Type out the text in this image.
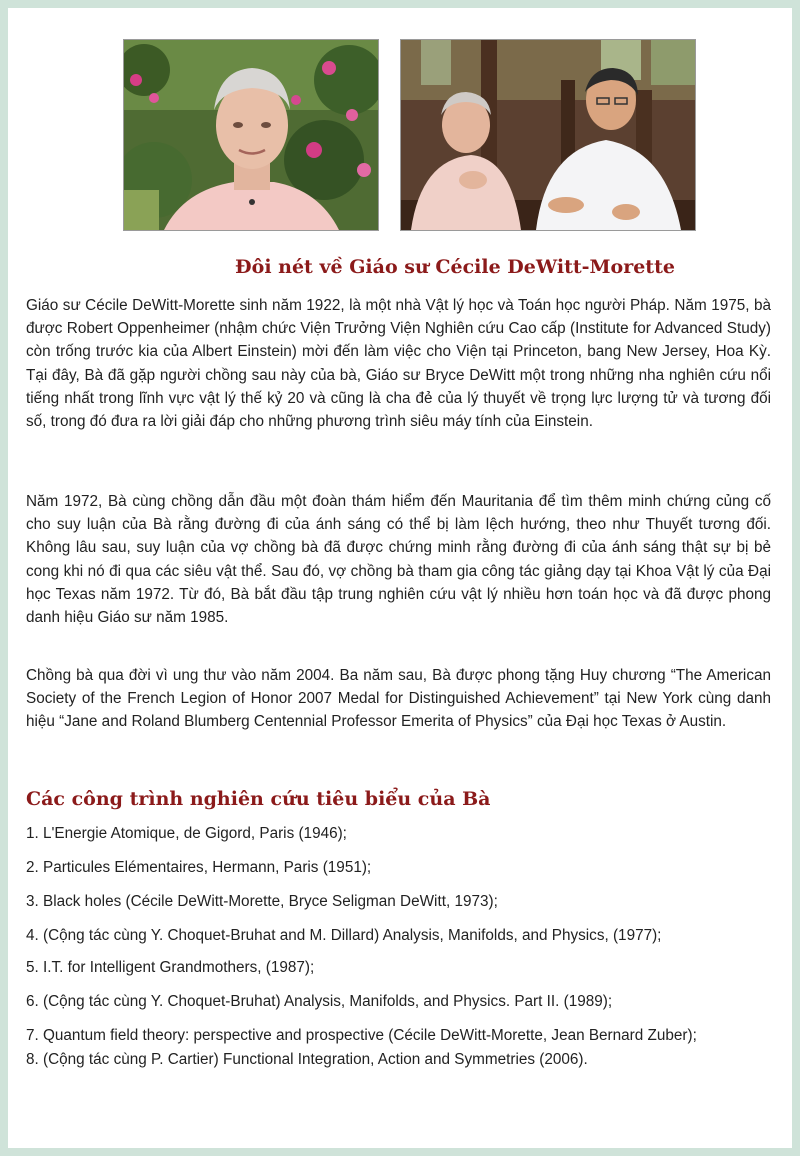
Đôi nét về Giáo sư Cécile DeWitt-Morette

Giáo sư Cécile DeWitt-Morette sinh năm 1922, là một nhà Vật lý học và Toán học người Pháp. Năm 1975, bà được Robert Oppenheimer (nhậm chức Viện Trưởng Viện Nghiên cứu Cao cấp (Institute for Advanced Study) còn trống trước kia của Albert Einstein) mời đến làm việc cho Viện tại Princeton, bang New Jersey, Hoa Kỳ. Tại đây, Bà đã gặp người chồng sau này của bà, Giáo sư Bryce DeWitt một trong những nha nghiên cứu nổi tiếng nhất trong lĩnh vực vật lý thế kỷ 20 và cũng là cha đẻ của lý thuyết về trọng lực lượng tử và tương đối số, trong đó đưa ra lời giải đáp cho những phương trình siêu máy tính của Einstein.

Năm 1972, Bà cùng chồng dẫn đầu một đoàn thám hiểm đến Mauritania để tìm thêm minh chứng củng cố cho suy luận của Bà rằng đường đi của ánh sáng có thể bị làm lệch hướng, theo như Thuyết tương đối. Không lâu sau, suy luận của vợ chồng bà đã được chứng minh rằng đường đi của ánh sáng thật sự bị bẻ cong khi nó đi qua các siêu vật thể. Sau đó, vợ chồng bà tham gia công tác giảng dạy tại Khoa Vật lý của Đại học Texas năm 1972. Từ đó, Bà bắt đầu tập trung nghiên cứu vật lý nhiều hơn toán học và đã được phong danh hiệu Giáo sư năm 1985.

Chồng bà qua đời vì ung thư vào năm 2004. Ba năm sau, Bà được phong tặng Huy chương “The American Society of the French Legion of Honor 2007 Medal for Distinguished Achievement” tại New York cùng danh hiệu “Jane and Roland Blumberg Centennial Professor Emerita of Physics” của Đại học Texas ở Austin.

Các công trình nghiên cứu tiêu biểu của Bà
1. L'Energie Atomique, de Gigord, Paris (1946);
2. Particules Elémentaires, Hermann, Paris (1951);
3. Black holes (Cécile DeWitt-Morette, Bryce Seligman DeWitt, 1973);
4. (Cộng tác cùng Y. Choquet-Bruhat and M. Dillard) Analysis, Manifolds, and Physics, (1977);
5. I.T. for Intelligent Grandmothers, (1987);
6. (Cộng tác cùng Y. Choquet-Bruhat) Analysis, Manifolds, and Physics. Part II. (1989);
7. Quantum field theory: perspective and prospective (Cécile DeWitt-Morette, Jean Bernard Zuber);
8. (Cộng tác cùng P. Cartier) Functional Integration, Action and Symmetries (2006).
